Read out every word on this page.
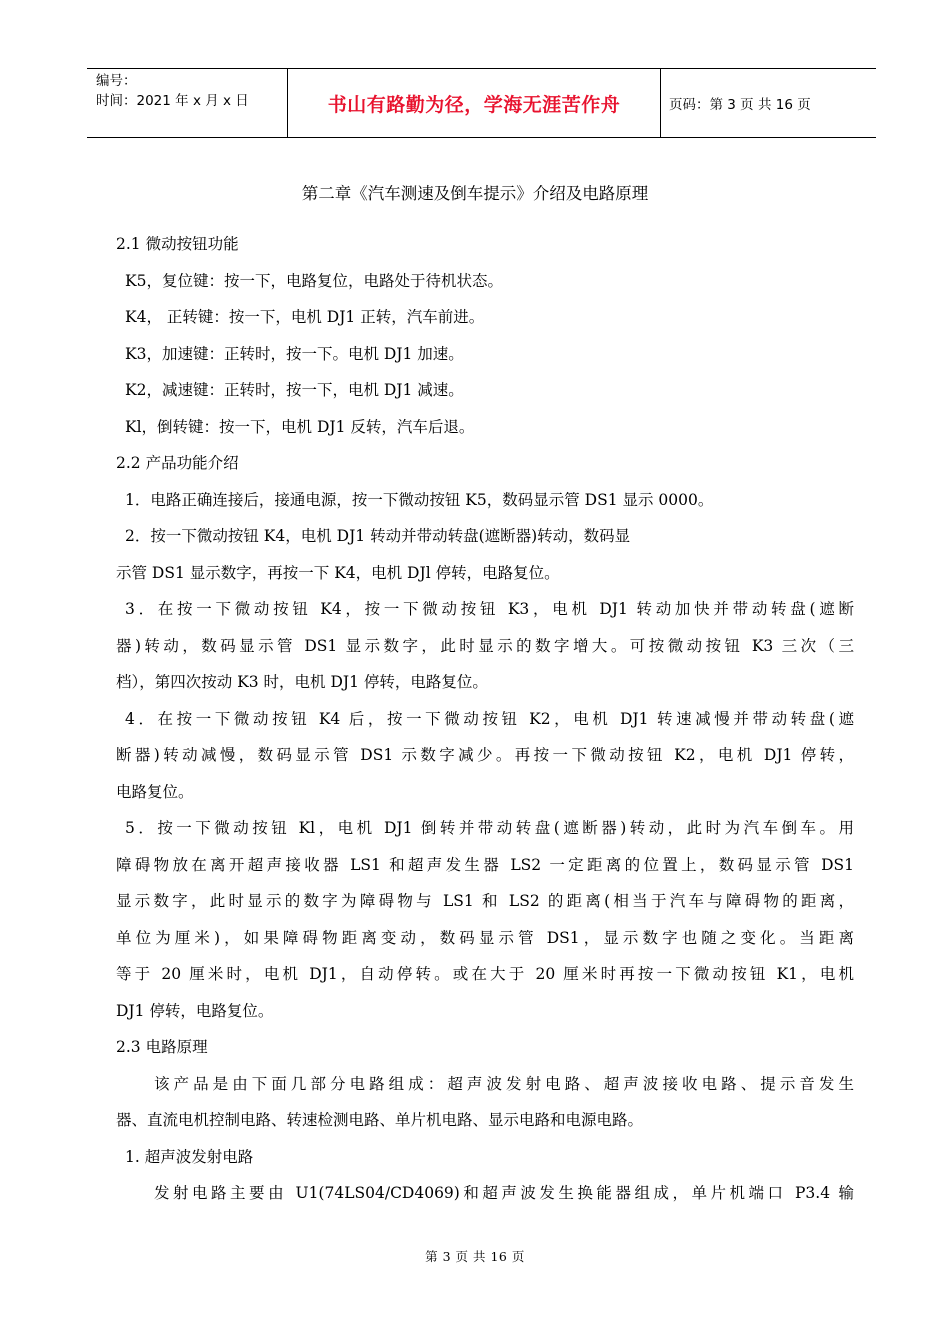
编号：
时间：2021 年 x 月 x 日	书山有路勤为径，学海无涯苦作舟	页码：第 3 页 共 16 页
第二章《汽车测速及倒车提示》介绍及电路原理
2.1 微动按钮功能
K5，复位键：按一下，电路复位，电路处于待机状态。
K4， 正转键：按一下，电机 DJ1 正转，汽车前进。
K3，加速键：正转时，按一下。电机 DJ1 加速。
K2，减速键：正转时，按一下，电机 DJ1 减速。
Kl，倒转键：按一下，电机 DJ1 反转，汽车后退。
2.2 产品功能介绍
1．电路正确连接后，接通电源，按一下微动按钮 K5，数码显示管 DS1 显示 0000。
2．按一下微动按钮 K4，电机 DJ1 转动并带动转盘(遮断器)转动，数码显
示管 DS1 显示数字，再按一下 K4，电机 DJl 停转，电路复位。
3．在按一下微动按钮 K4，按一下微动按钮 K3，电机 DJ1 转动加快并带动转盘(遮断
器)转动，数码显示管 DS1 显示数字，此时显示的数字增大。可按微动按钮 K3 三次（三
档），第四次按动 K3 时，电机 DJ1 停转，电路复位。
4．在按一下微动按钮 K4 后，按一下微动按钮 K2，电机 DJ1 转速减慢并带动转盘(遮
断器)转动减慢，数码显示管 DS1 示数字减少。再按一下微动按钮 K2，电机 DJ1 停转，
电路复位。
5．按一下微动按钮 Kl，电机 DJ1 倒转并带动转盘(遮断器)转动，此时为汽车倒车。用
障碍物放在离开超声接收器 LS1 和超声发生器 LS2 一定距离的位置上，数码显示管 DS1
显示数字，此时显示的数字为障碍物与 LS1 和 LS2 的距离(相当于汽车与障碍物的距离，
单位为厘米)，如果障碍物距离变动，数码显示管 DS1，显示数字也随之变化。当距离
等于 20 厘米时，电机 DJ1，自动停转。或在大于 20 厘米时再按一下微动按钮 K1，电机
DJ1 停转，电路复位。
2.3 电路原理
该产品是由下面几部分电路组成：超声波发射电路、超声波接收电路、提示音发生
器、直流电机控制电路、转速检测电路、单片机电路、显示电路和电源电路。
1. 超声波发射电路
发射电路主要由 U1(74LS04/CD4069)和超声波发生换能器组成，单片机端口 P3.4 输
第 3 页 共 16 页
